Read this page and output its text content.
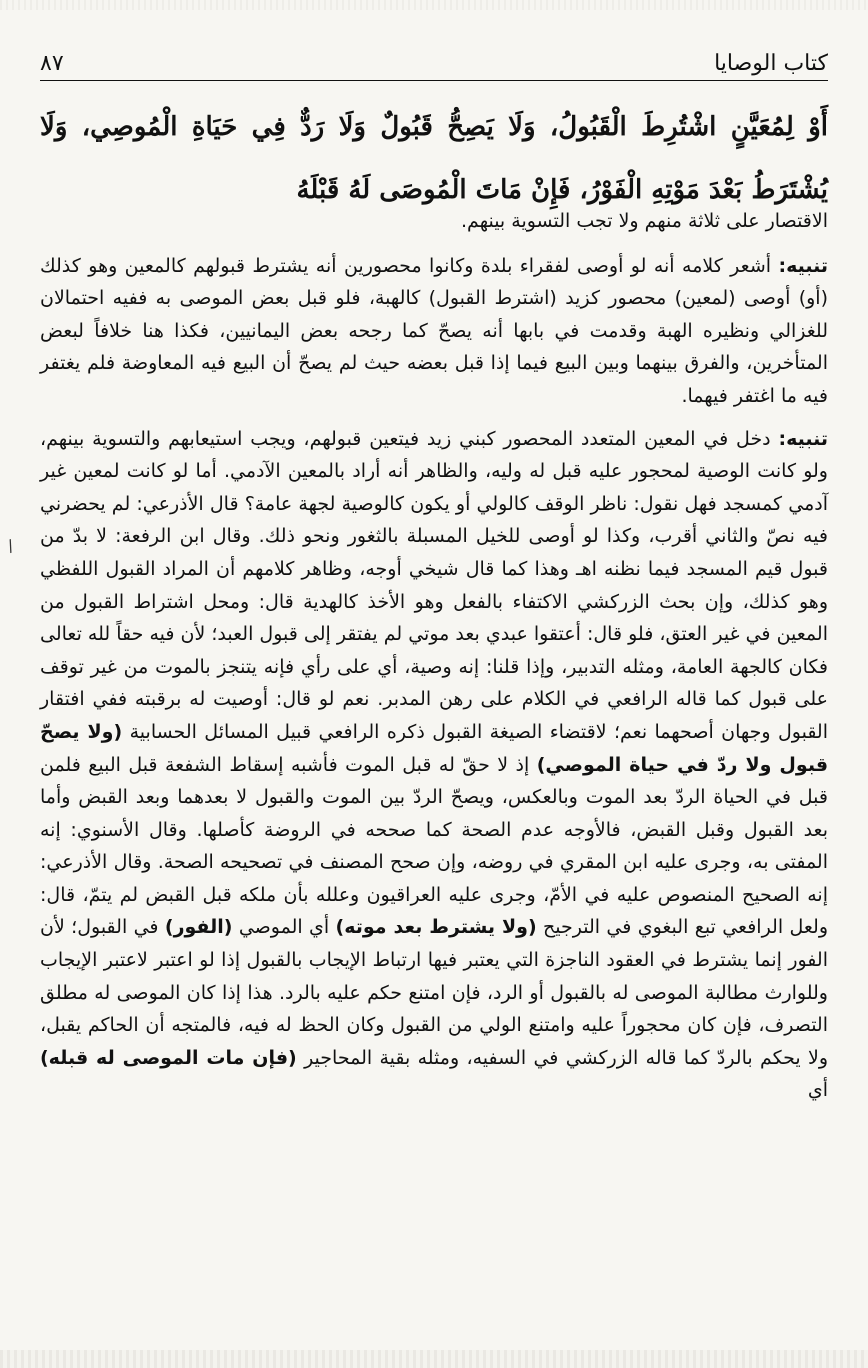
كتاب الوصايا
٨٧
أَوْ لِمُعَيَّنٍ اشْتُرِطَ الْقَبُولُ، وَلَا يَصِحُّ قَبُولٌ وَلَا رَدٌّ فِي حَيَاةِ الْمُوصِي، وَلَا يُشْتَرَطُ بَعْدَ مَوْتِهِ الْفَوْرُ، فَإِنْ مَاتَ الْمُوصَى لَهُ قَبْلَهُ

الاقتصار على ثلاثة منهم ولا تجب التسوية بينهم.

تنبيه: أشعر كلامه أنه لو أوصى لفقراء بلدة وكانوا محصورين أنه يشترط قبولهم كالمعين وهو كذلك (أو) أوصى (لمعين) محصور كزيد (اشترط القبول) كالهبة، فلو قبل بعض الموصى به ففيه احتمالان للغزالي ونظيره الهبة وقدمت في بابها أنه يصحّ كما رجحه بعض اليمانيين، فكذا هنا خلافاً لبعض المتأخرين، والفرق بينهما وبين البيع فيما إذا قبل بعضه حيث لم يصحّ أن البيع فيه المعاوضة فلم يغتفر فيه ما اغتفر فيهما.

تنبيه: دخل في المعين المتعدد المحصور كبني زيد فيتعين قبولهم، ويجب استيعابهم والتسوية بينهم، ولو كانت الوصية لمحجور عليه قبل له وليه، والظاهر أنه أراد بالمعين الآدمي. أما لو كانت لمعين غير آدمي كمسجد فهل نقول: ناظر الوقف كالولي أو يكون كالوصية لجهة عامة؟ قال الأذرعي: لم يحضرني فيه نصّ والثاني أقرب، وكذا لو أوصى للخيل المسبلة بالثغور ونحو ذلك. وقال ابن الرفعة: لا بدّ من قبول قيم المسجد فيما نظنه اهـ وهذا كما قال شيخي أوجه، وظاهر كلامهم أن المراد القبول اللفظي وهو كذلك، وإن بحث الزركشي الاكتفاء بالفعل وهو الأخذ كالهدية قال: ومحل اشتراط القبول من المعين في غير العتق، فلو قال: أعتقوا عبدي بعد موتي لم يفتقر إلى قبول العبد؛ لأن فيه حقاً لله تعالى فكان كالجهة العامة، ومثله التدبير، وإذا قلنا: إنه وصية، أي على رأي فإنه يتنجز بالموت من غير توقف على قبول كما قاله الرافعي في الكلام على رهن المدبر. نعم لو قال: أوصيت له برقبته ففي افتقار القبول وجهان أصحهما نعم؛ لاقتضاء الصيغة القبول ذكره الرافعي قبيل المسائل الحسابية (ولا يصحّ قبول ولا ردّ في حياة الموصي) إذ لا حقّ له قبل الموت فأشبه إسقاط الشفعة قبل البيع فلمن قبل في الحياة الردّ بعد الموت وبالعكس، ويصحّ الردّ بين الموت والقبول لا بعدهما وبعد القبض وأما بعد القبول وقبل القبض، فالأوجه عدم الصحة كما صححه في الروضة كأصلها. وقال الأسنوي: إنه المفتى به، وجرى عليه ابن المقري في روضه، وإن صحح المصنف في تصحيحه الصحة. وقال الأذرعي: إنه الصحيح المنصوص عليه في الأمّ، وجرى عليه العراقيون وعلله بأن ملكه قبل القبض لم يتمّ، قال: ولعل الرافعي تبع البغوي في الترجيح (ولا يشترط بعد موته) أي الموصي (الفور) في القبول؛ لأن الفور إنما يشترط في العقود الناجزة التي يعتبر فيها ارتباط الإيجاب بالقبول إذا لو اعتبر لاعتبر الإيجاب وللوارث مطالبة الموصى له بالقبول أو الرد، فإن امتنع حكم عليه بالرد. هذا إذا كان الموصى له مطلق التصرف، فإن كان محجوراً عليه وامتنع الولي من القبول وكان الحظ له فيه، فالمتجه أن الحاكم يقبل، ولا يحكم بالردّ كما قاله الزركشي في السفيه، ومثله بقية المحاجير (فإن مات الموصى له قبله) أي

/
